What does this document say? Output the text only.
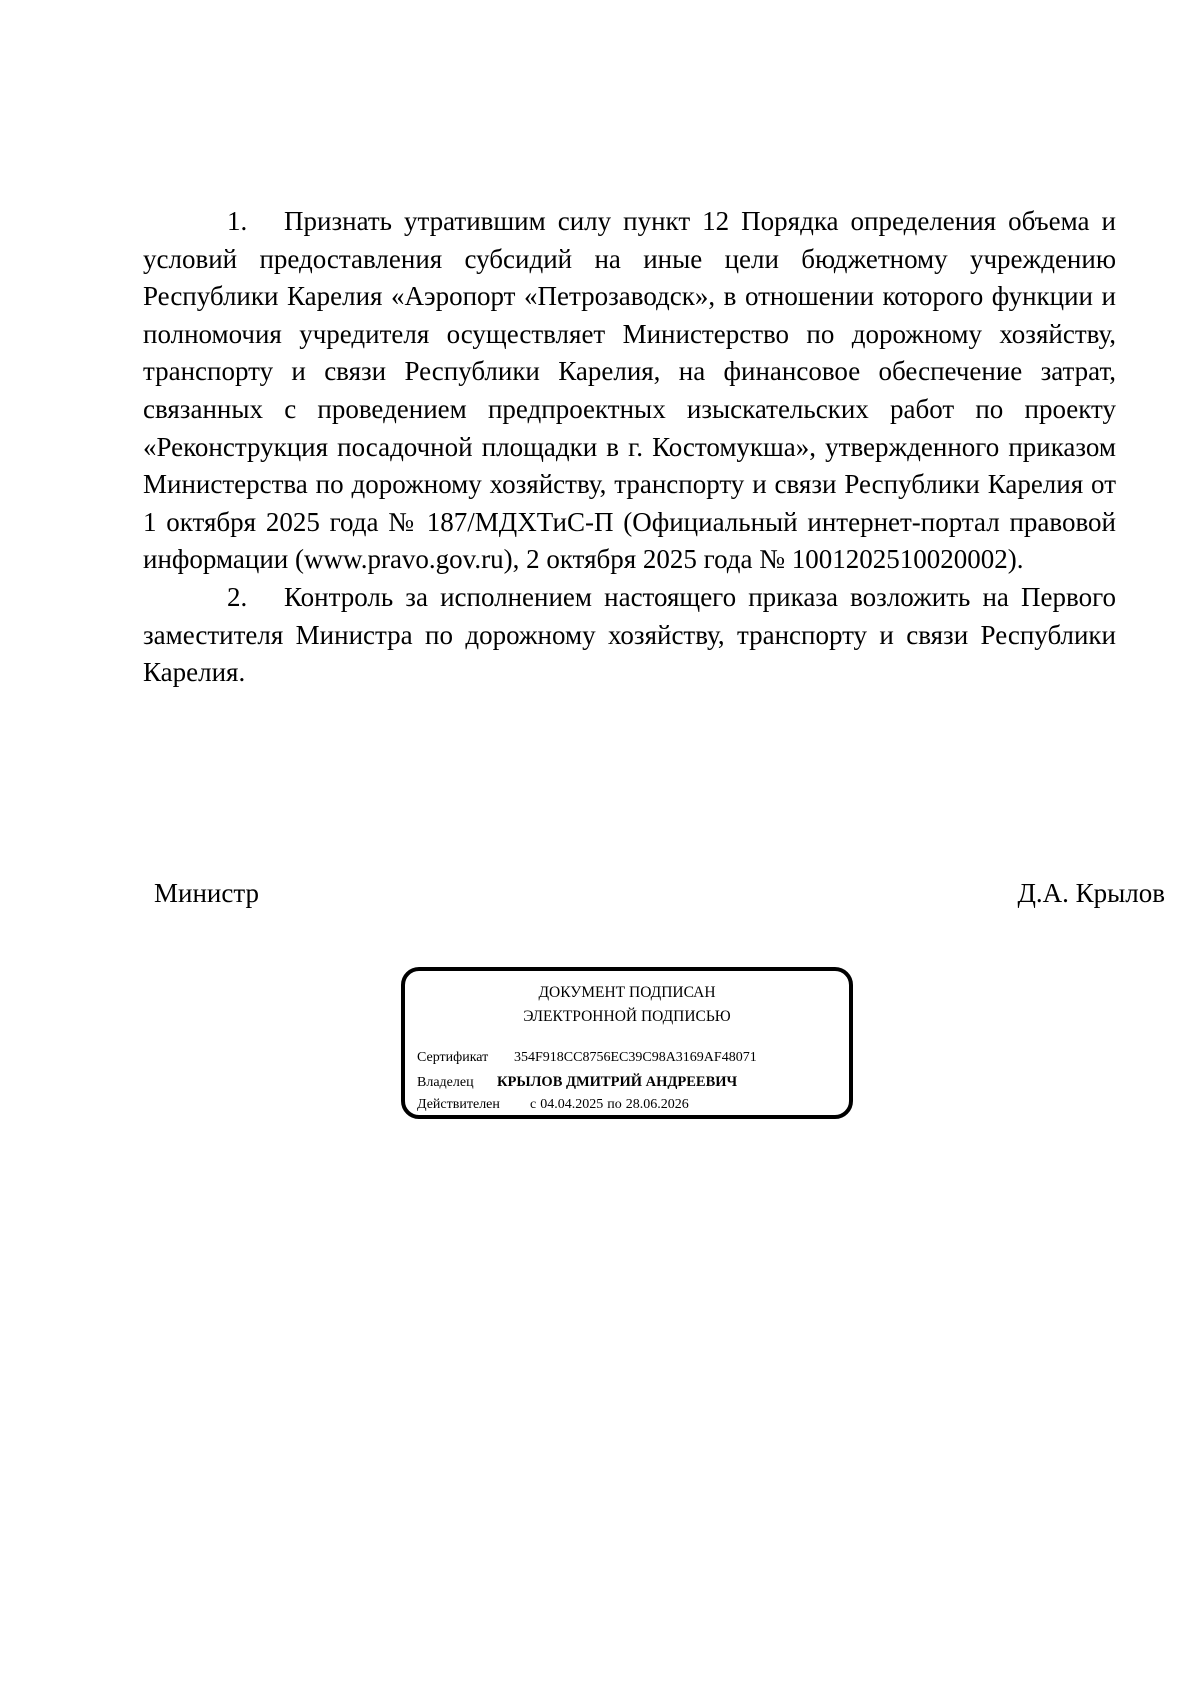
1. Признать утратившим силу пункт 12 Порядка определения объема и условий предоставления субсидий на иные цели бюджетному учреждению Республики Карелия «Аэропорт «Петрозаводск», в отношении которого функции и полномочия учредителя осуществляет Министерство по дорожному хозяйству, транспорту и связи Республики Карелия, на финансовое обеспечение затрат, связанных с проведением предпроектных изыскательских работ по проекту «Реконструкция посадочной площадки в г. Костомукша», утвержденного приказом Министерства по дорожному хозяйству, транспорту и связи Республики Карелия от 1 октября 2025 года № 187/МДХТиС-П (Официальный интернет-портал правовой информации (www.pravo.gov.ru), 2 октября 2025 года № 1001202510020002).

2. Контроль за исполнением настоящего приказа возложить на Первого заместителя Министра по дорожному хозяйству, транспорту и связи Республики Карелия.

Министр	Д.А. Крылов
ДОКУМЕНТ ПОДПИСАН
ЭЛЕКТРОННОЙ ПОДПИСЬЮ
Сертификат 354F918CC8756EC39C98A3169AF48071
Владелец КРЫЛОВ ДМИТРИЙ АНДРЕЕВИЧ
Действителен с 04.04.2025 по 28.06.2026
